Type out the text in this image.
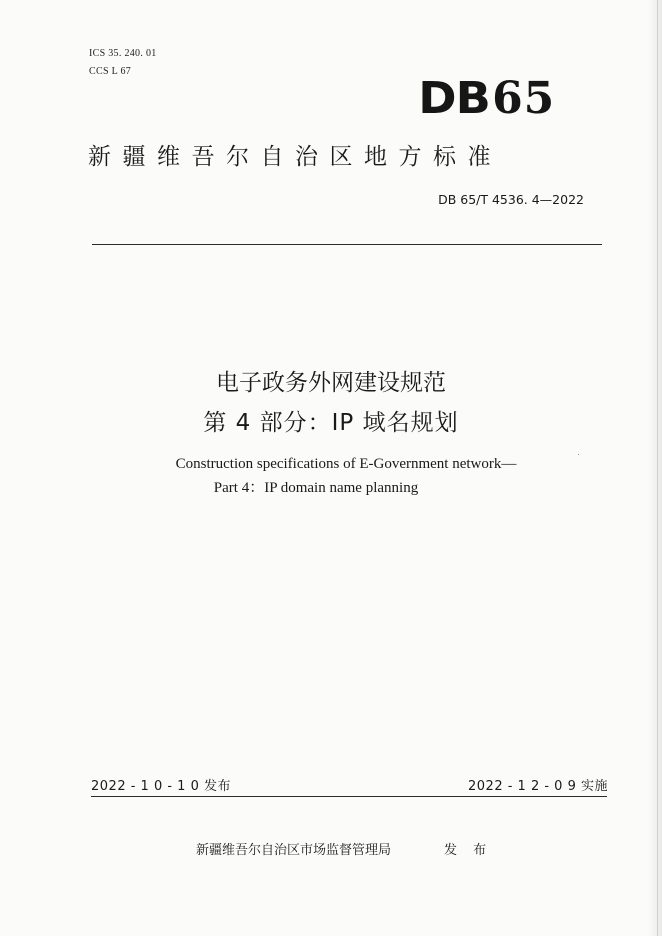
ICS 35. 240. 01
CCS L 67
DB65
新疆维吾尔自治区地方标准
DB 65/T 4536. 4—2022
电子政务外网建设规范
第 4 部分：IP 域名规划
Construction specifications of E-Government network—
Part 4：IP domain name planning
2022 - 1 0 - 1 0 发布	2022 - 1 2 - 0 9 实施
新疆维吾尔自治区市场监督管理局	发 布
